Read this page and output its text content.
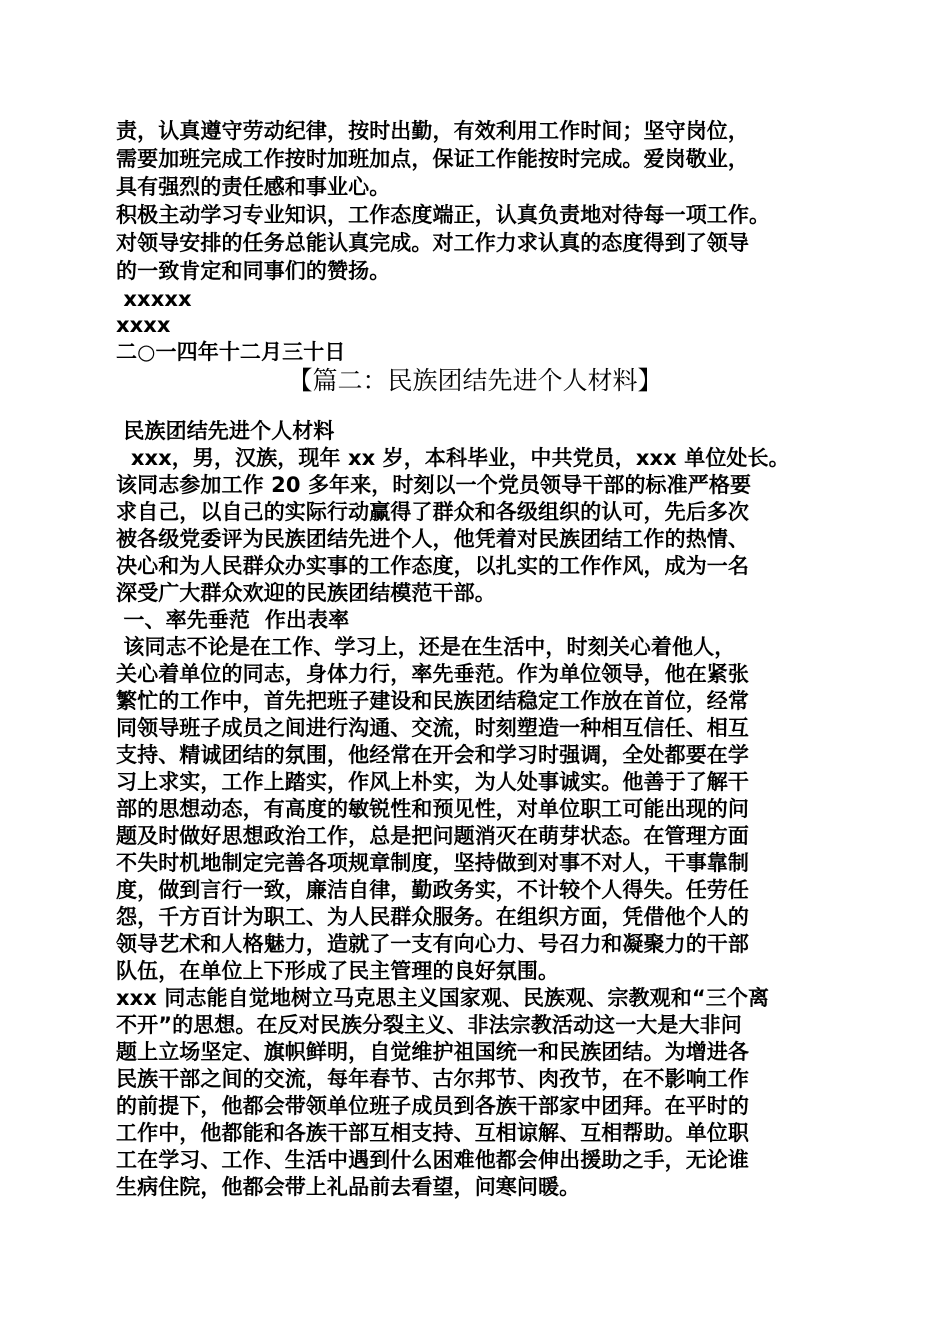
责，认真遵守劳动纪律，按时出勤，有效利用工作时间；坚守岗位，
需要加班完成工作按时加班加点，保证工作能按时完成。爱岗敬业，
具有强烈的责任感和事业心。
积极主动学习专业知识，工作态度端正，认真负责地对待每一项工作。
对领导安排的任务总能认真完成。对工作力求认真的态度得到了领导
的一致肯定和同事们的赞扬。
xxxxx
xxxx
二○一四年十二月三十日
【篇二：民族团结先进个人材料】
民族团结先进个人材料
xxx，男，汉族，现年 xx 岁，本科毕业，中共党员，xxx 单位处长。
该同志参加工作 20 多年来，时刻以一个党员领导干部的标准严格要
求自己，以自己的实际行动赢得了群众和各级组织的认可，先后多次
被各级党委评为民族团结先进个人，他凭着对民族团结工作的热情、
决心和为人民群众办实事的工作态度，以扎实的工作作风，成为一名
深受广大群众欢迎的民族团结模范干部。
一、率先垂范  作出表率
该同志不论是在工作、学习上，还是在生活中，时刻关心着他人，
关心着单位的同志，身体力行，率先垂范。作为单位领导，他在紧张
繁忙的工作中，首先把班子建设和民族团结稳定工作放在首位，经常
同领导班子成员之间进行沟通、交流，时刻塑造一种相互信任、相互
支持、精诚团结的氛围，他经常在开会和学习时强调，全处都要在学
习上求实，工作上踏实，作风上朴实，为人处事诚实。他善于了解干
部的思想动态，有高度的敏锐性和预见性，对单位职工可能出现的问
题及时做好思想政治工作，总是把问题消灭在萌芽状态。在管理方面
不失时机地制定完善各项规章制度，坚持做到对事不对人，干事靠制
度，做到言行一致，廉洁自律，勤政务实，不计较个人得失。任劳任
怨，千方百计为职工、为人民群众服务。在组织方面，凭借他个人的
领导艺术和人格魅力，造就了一支有向心力、号召力和凝聚力的干部
队伍，在单位上下形成了民主管理的良好氛围。
xxx 同志能自觉地树立马克思主义国家观、民族观、宗教观和“三个离
不开”的思想。在反对民族分裂主义、非法宗教活动这一大是大非问
题上立场坚定、旗帜鲜明，自觉维护祖国统一和民族团结。为增进各
民族干部之间的交流，每年春节、古尔邦节、肉孜节，在不影响工作
的前提下，他都会带领单位班子成员到各族干部家中团拜。在平时的
工作中，他都能和各族干部互相支持、互相谅解、互相帮助。单位职
工在学习、工作、生活中遇到什么困难他都会伸出援助之手，无论谁
生病住院，他都会带上礼品前去看望，问寒问暖。
